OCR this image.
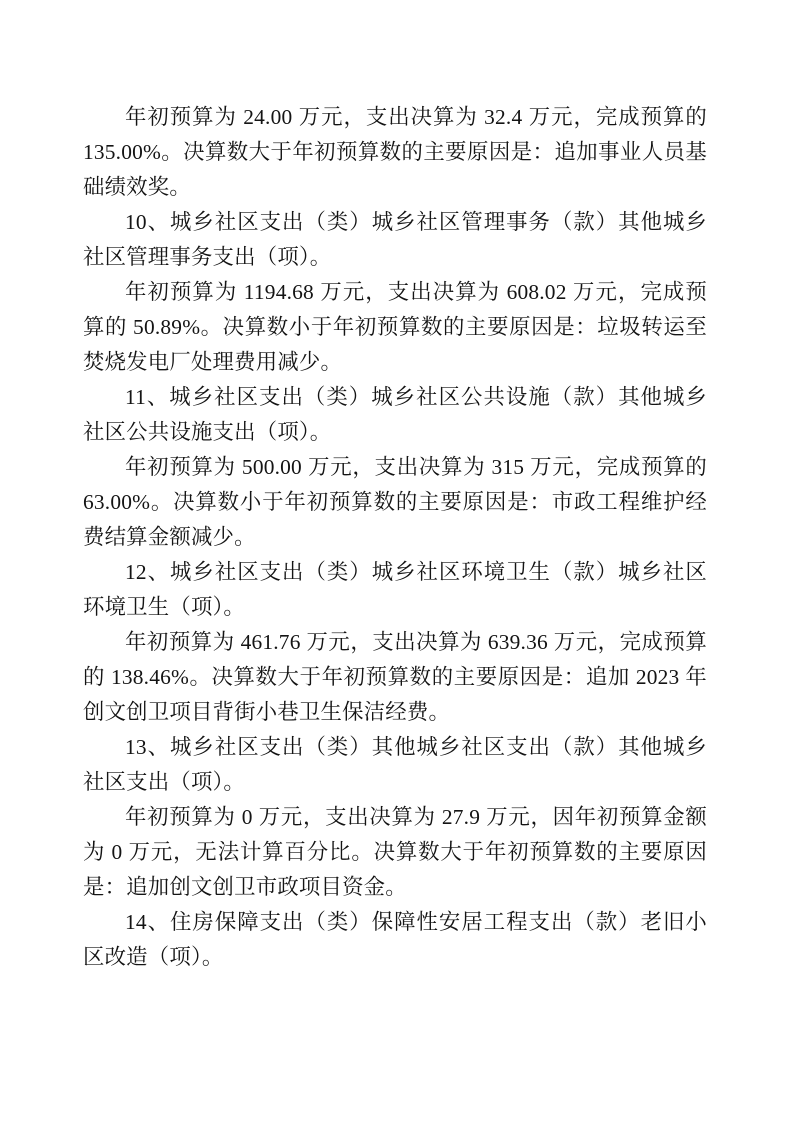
年初预算为 24.00 万元，支出决算为 32.4 万元，完成预算的 135.00%。决算数大于年初预算数的主要原因是：追加事业人员基础绩效奖。

10、城乡社区支出（类）城乡社区管理事务（款）其他城乡社区管理事务支出（项）。

年初预算为 1194.68 万元，支出决算为 608.02 万元，完成预算的 50.89%。决算数小于年初预算数的主要原因是：垃圾转运至焚烧发电厂处理费用减少。

11、城乡社区支出（类）城乡社区公共设施（款）其他城乡社区公共设施支出（项）。

年初预算为 500.00 万元，支出决算为 315 万元，完成预算的 63.00%。决算数小于年初预算数的主要原因是：市政工程维护经费结算金额减少。

12、城乡社区支出（类）城乡社区环境卫生（款）城乡社区环境卫生（项）。

年初预算为 461.76 万元，支出决算为 639.36 万元，完成预算的 138.46%。决算数大于年初预算数的主要原因是：追加 2023 年创文创卫项目背街小巷卫生保洁经费。

13、城乡社区支出（类）其他城乡社区支出（款）其他城乡社区支出（项）。

年初预算为 0 万元，支出决算为 27.9 万元，因年初预算金额为 0 万元，无法计算百分比。决算数大于年初预算数的主要原因是：追加创文创卫市政项目资金。

14、住房保障支出（类）保障性安居工程支出（款）老旧小区改造（项）。
